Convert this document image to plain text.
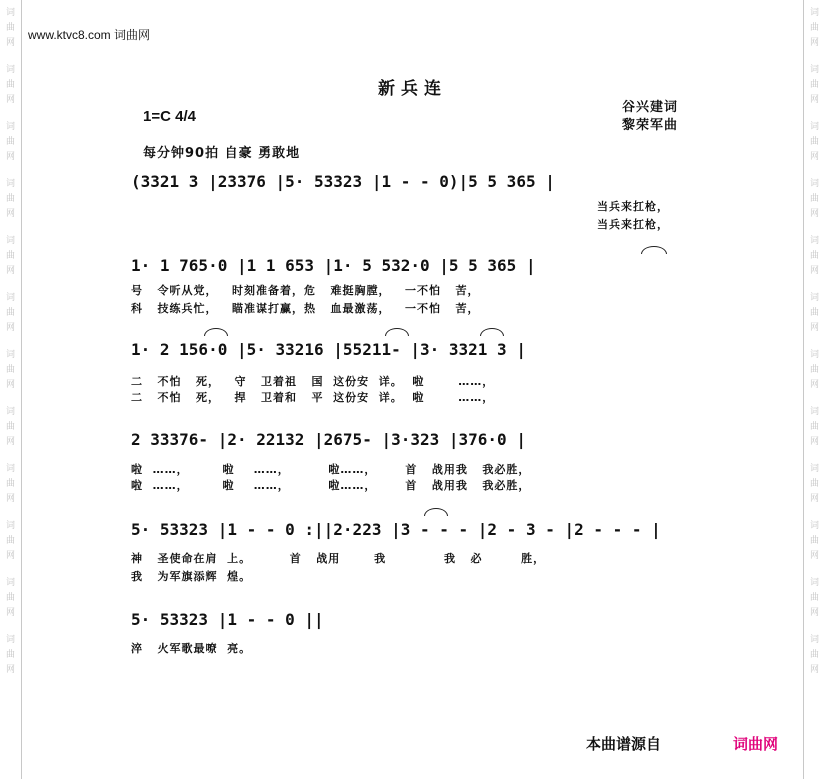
词
曲
网
词
曲
网
词
曲
网
词
曲
网
词
曲
网
词
曲
网
词
曲
网
词
曲
网
词
曲
网
词
曲
网
词
曲
网
词
曲
网
词
曲
网
词
曲
网
词
曲
网
词
曲
网
词
曲
网
词
曲
网
词
曲
网
词
曲
网
词
曲
网
词
曲
网
词
曲
网
词
曲
网
www.ktvc8.com 词曲网
新兵连
谷兴建词
黎荣军曲
1=C 4/4
每分钟90拍 自豪 勇敢地
(3321 3 |23376 |5· 53323 |1 - - 0)|5 5 365 |
当兵来扛枪，
当兵来扛枪，
1· 1 765·0 |1 1 653 |1· 5 532·0 |5 5 365 |
号   令听从党，   时刻准备着，危   难挺胸膛，   一不怕   苦，
科   技练兵忙，   瞄准谋打赢，热   血最激荡，   一不怕   苦，
1· 2 156·0 |5· 33216 |55211- |3· 3321 3 |
二   不怕   死，   守   卫着祖   国  这份安  详。  啦       ……，
二   不怕   死，   捍   卫着和   平  这份安  详。  啦       ……，
2 33376- |2· 22132 |2675- |3·323 |376·0 |
啦  ……，       啦    ……，        啦……，      首   战用我   我必胜，
啦  ……，       啦    ……，        啦……，      首   战用我   我必胜，
5· 53323 |1 - - 0 :||2·223 |3 - - - |2 - 3 - |2 - - - |
神   圣使命在肩  上。        首   战用       我            我   必        胜，
我   为军旗添辉  煌。
5· 53323 |1 - - 0 ||
淬   火军歌最嘹  亮。
本曲谱源自	词曲网
